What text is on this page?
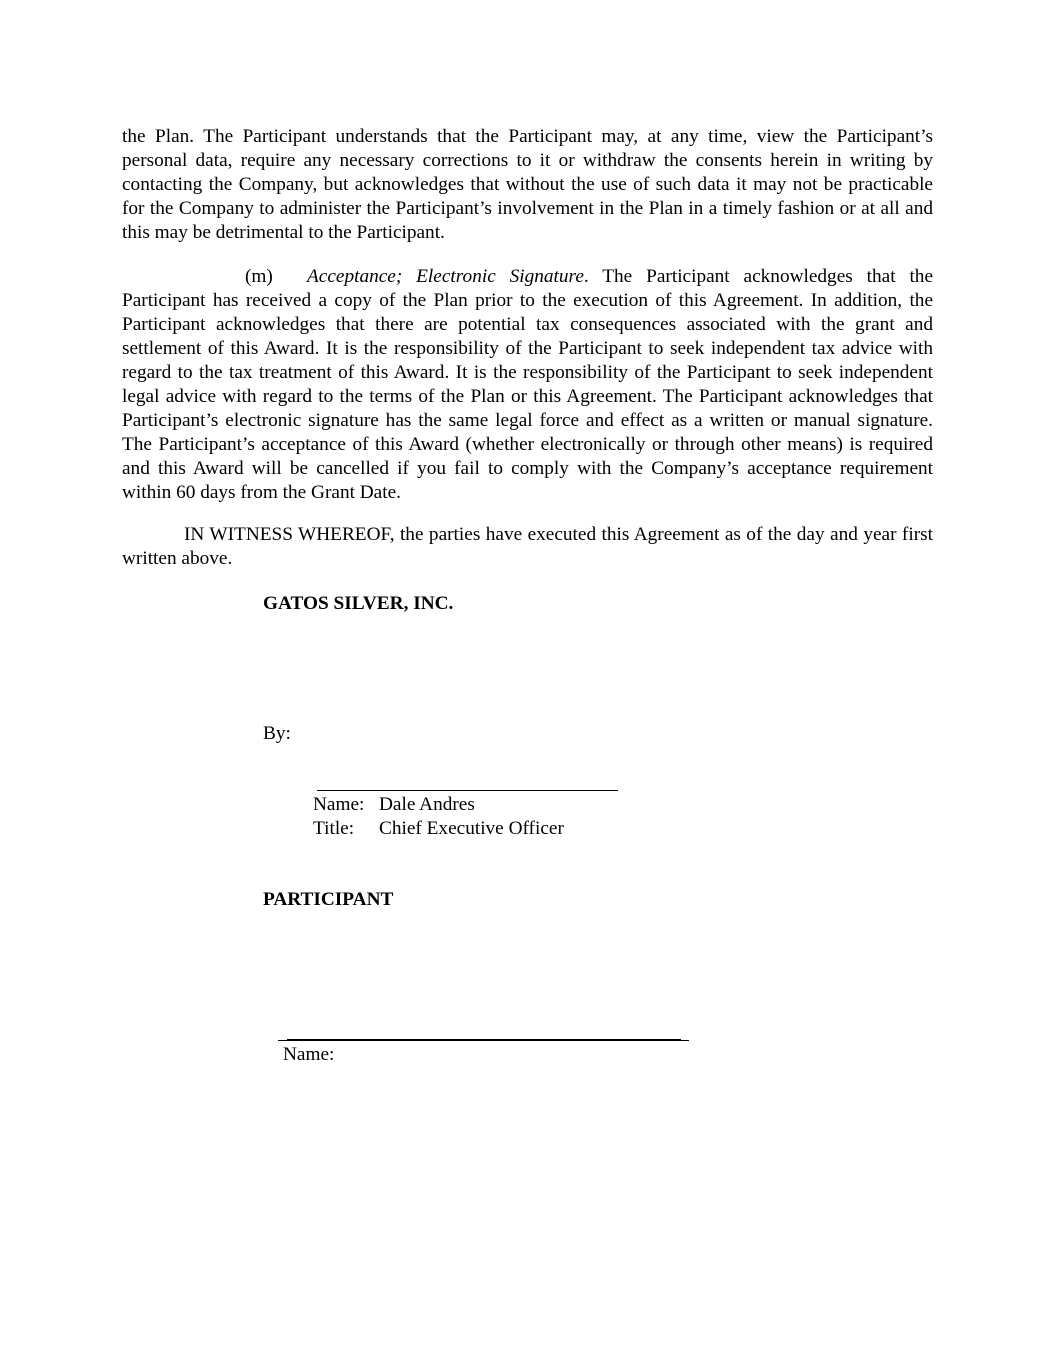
the Plan. The Participant understands that the Participant may, at any time, view the Participant’s personal data, require any necessary corrections to it or withdraw the consents herein in writing by contacting the Company, but acknowledges that without the use of such data it may not be practicable for the Company to administer the Participant’s involvement in the Plan in a timely fashion or at all and this may be detrimental to the Participant.

(m) Acceptance; Electronic Signature. The Participant acknowledges that the Participant has received a copy of the Plan prior to the execution of this Agreement. In addition, the Participant acknowledges that there are potential tax consequences associated with the grant and settlement of this Award. It is the responsibility of the Participant to seek independent tax advice with regard to the tax treatment of this Award. It is the responsibility of the Participant to seek independent legal advice with regard to the terms of the Plan or this Agreement. The Participant acknowledges that Participant’s electronic signature has the same legal force and effect as a written or manual signature. The Participant’s acceptance of this Award (whether electronically or through other means) is required and this Award will be cancelled if you fail to comply with the Company’s acceptance requirement within 60 days from the Grant Date.

IN WITNESS WHEREOF, the parties have executed this Agreement as of the day and year first written above.

GATOS SILVER, INC.
By:
Name: Dale Andres
Title: Chief Executive Officer
PARTICIPANT
Name:
